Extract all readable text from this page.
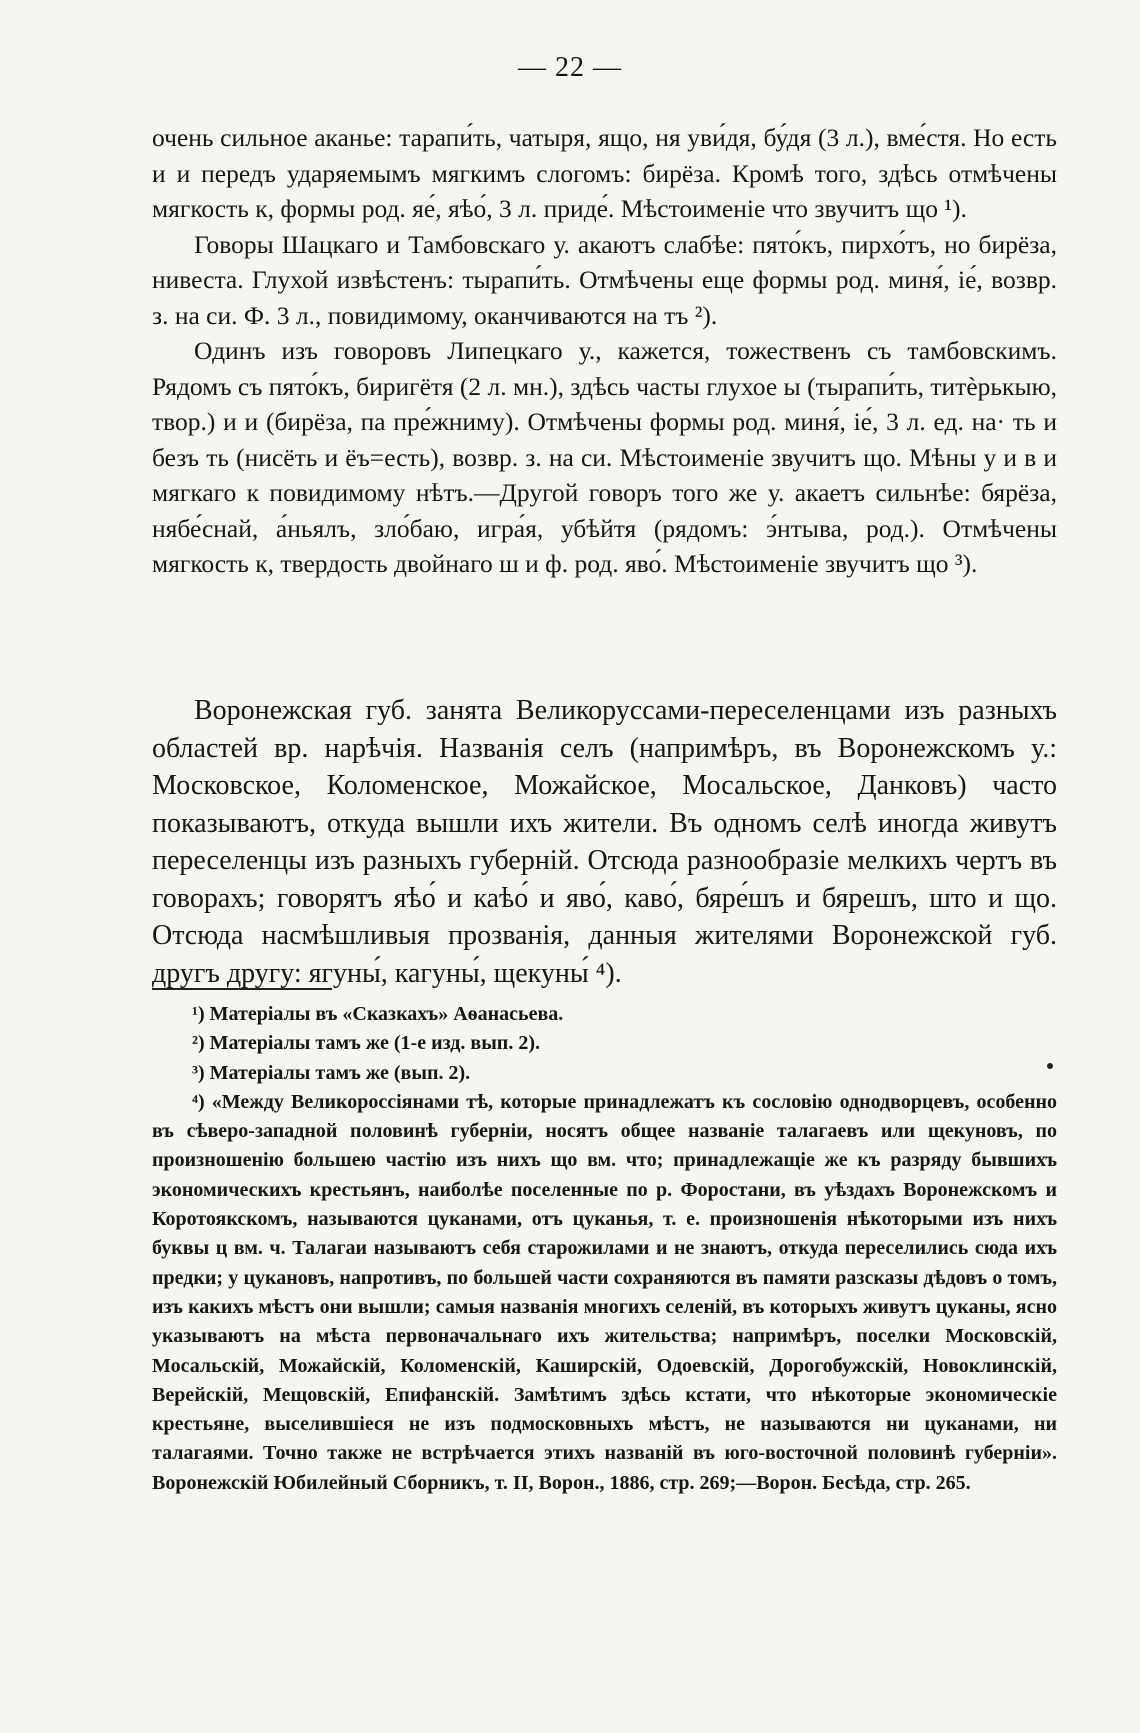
— 22 —

очень сильное аканье: тарапи́ть, чатыря, ящо, ня уви́дя, бу́дя (3 л.), вме́стя. Но есть и и передъ ударяемымъ мягкимъ слогомъ: бирёза. Кромѣ того, здѣсь отмѣчены мягкость к, формы род. яе́, яѣо́, 3 л. приде́. Мѣстоименіе что звучитъ що ¹).

Говоры Шацкаго и Тамбовскаго у. акаютъ слабѣе: пято́къ, пирхо́тъ, но бирёза, нивеста. Глухой извѣстенъ: тырапи́ть. Отмѣчены еще формы род. миня́, іе́, возвр. з. на си. Ф. 3 л., повидимому, оканчиваются на тъ ²).

Одинъ изъ говоровъ Липецкаго у., кажется, тожественъ съ тамбовскимъ. Рядомъ съ пято́къ, биригётя (2 л. мн.), здѣсь часты глухое ы (тырапи́ть, титѐрькыю, твор.) и и (бирёза, па пре́жниму). Отмѣчены формы род. миня́, іе́, 3 л. ед. на· ть и безъ ть (нисёть и ёъ=есть), возвр. з. на си. Мѣстоименіе звучитъ що. Мѣны у и в и мягкаго к повидимому нѣтъ.—Другой говоръ того же у. акаетъ сильнѣе: бярёза, нябе́снай, а́ньялъ, зло́баю, игра́я, убѣйтя (рядомъ: э́нтыва, род.). Отмѣчены мягкость к, твердость двойнаго ш и ф. род. яво́. Мѣстоименіе звучитъ що ³).

Воронежская губ. занята Великоруссами-переселенцами изъ разныхъ областей вр. нарѣчія. Названія селъ (напримѣръ, въ Воронежскомъ у.: Московское, Коломенское, Можайское, Мосальское, Данковъ) часто показываютъ, откуда вышли ихъ жители. Въ одномъ селѣ иногда живутъ переселенцы изъ разныхъ губерній. Отсюда разнообразіе мелкихъ чертъ въ говорахъ; говорятъ яѣо́ и каѣо́ и яво́, каво́, бяре́шъ и бярешъ, што и що. Отсюда насмѣшливыя прозванія, данныя жителями Воронежской губ. другъ другу: ягуны́, кагуны́, щекуны́ ⁴).

¹) Матеріалы въ «Сказкахъ» Аѳанасьева.

²) Матеріалы тамъ же (1-е изд. вып. 2).

³) Матеріалы тамъ же (вып. 2).

⁴) «Между Великороссіянами тѣ, которые принадлежатъ къ сословію однодворцевъ, особенно въ сѣверо-западной половинѣ губерніи, носятъ общее названіе талагаевъ или щекуновъ, по произношенію большею частію изъ нихъ що вм. что; принадлежащіе же къ разряду бывшихъ экономическихъ крестьянъ, наиболѣе поселенные по р. Форостани, въ уѣздахъ Воронежскомъ и Коротоякскомъ, называются цуканами, отъ цуканья, т. е. произношенія нѣкоторыми изъ нихъ буквы ц вм. ч. Талагаи называютъ себя старожилами и не знаютъ, откуда переселились сюда ихъ предки; у цукановъ, напротивъ, по большей части сохраняются въ памяти разсказы дѣдовъ о томъ, изъ какихъ мѣстъ они вышли; самыя названія многихъ селеній, въ которыхъ живутъ цуканы, ясно указываютъ на мѣста первоначальнаго ихъ жительства; напримѣръ, поселки Московскій, Мосальскій, Можайскій, Коломенскій, Каширскій, Одоевскій, Дорогобужскій, Новоклинскій, Верейскій, Мещовскій, Епифанскій. Замѣтимъ здѣсь кстати, что нѣкоторые экономическіе крестьяне, выселившіеся не изъ подмосковныхъ мѣстъ, не называются ни цуканами, ни талагаями. Точно также не встрѣчается этихъ названій въ юго-восточной половинѣ губерніи». Воронежскій Юбилейный Сборникъ, т. II, Ворон., 1886, стр. 269;—Ворон. Бесѣда, стр. 265.
